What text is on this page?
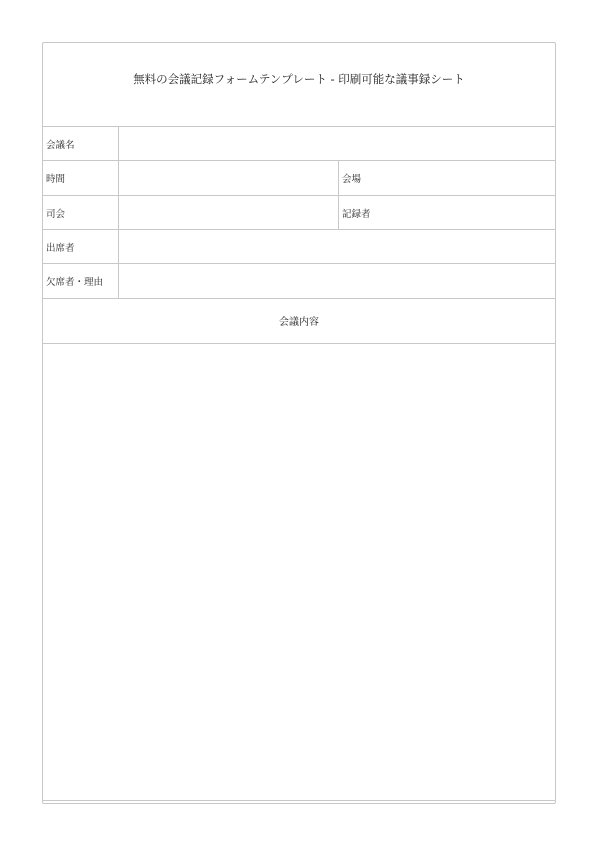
無料の会議記録フォームテンプレート - 印刷可能な議事録シート
会議名
時間	会場
司会	記録者
出席者
欠席者・理由
会議内容
